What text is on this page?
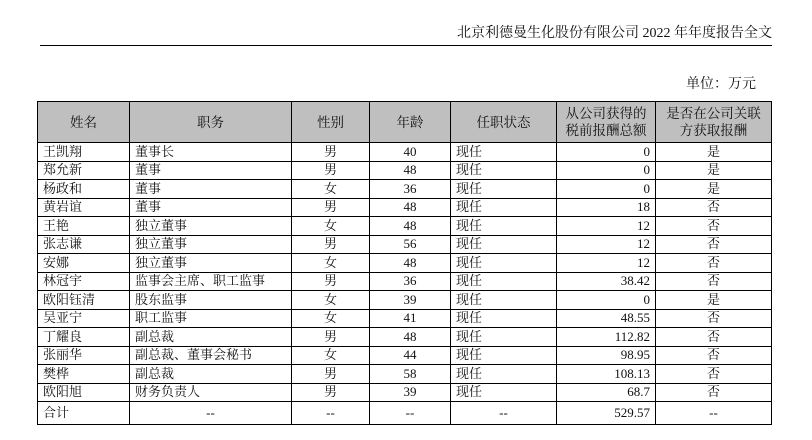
北京利德曼生化股份有限公司 2022 年年度报告全文
单位：万元
姓名	职务	性别	年龄	任职状态	从公司获得的税前报酬总额	是否在公司关联方获取报酬
王凯翔	董事长	男	40	现任	0	是
郑允新	董事	男	48	现任	0	是
杨政和	董事	女	36	现任	0	是
黄岩谊	董事	男	48	现任	18	否
王艳	独立董事	女	48	现任	12	否
张志谦	独立董事	男	56	现任	12	否
安娜	独立董事	女	48	现任	12	否
林冠宇	监事会主席、职工监事	男	36	现任	38.42	否
欧阳钰清	股东监事	女	39	现任	0	是
吴亚宁	职工监事	女	41	现任	48.55	否
丁耀良	副总裁	男	48	现任	112.82	否
张丽华	副总裁、董事会秘书	女	44	现任	98.95	否
樊桦	副总裁	男	58	现任	108.13	否
欧阳旭	财务负责人	男	39	现任	68.7	否
合计	--	--	--	--	529.57	--
